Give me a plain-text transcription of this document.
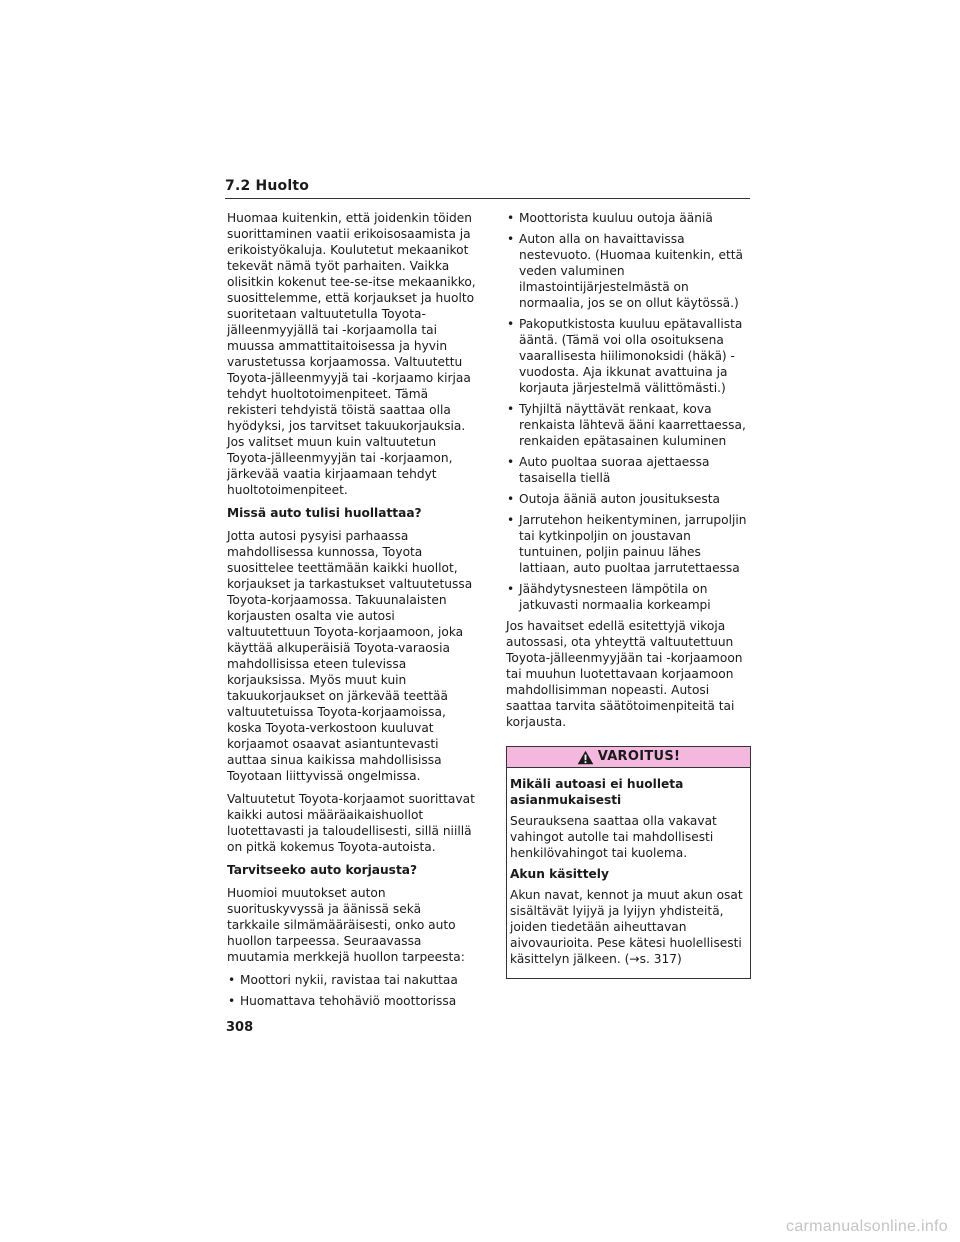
7.2 Huolto

Huomaa kuitenkin, että joidenkin töiden suorittaminen vaatii erikoisosaamista ja erikoistyökaluja. Koulutetut mekaanikot tekevät nämä työt parhaiten. Vaikka olisitkin kokenut tee-se-itse mekaanikko, suosittelemme, että korjaukset ja huolto suoritetaan valtuutetulla Toyota-jälleenmyyjällä tai -korjaamolla tai muussa ammattitaitoisessa ja hyvin varustetussa korjaamossa. Valtuutettu Toyota-jälleenmyyjä tai -korjaamo kirjaa tehdyt huoltotoimenpiteet. Tämä rekisteri tehdyistä töistä saattaa olla hyödyksi, jos tarvitset takuukorjauksia. Jos valitset muun kuin valtuutetun Toyota-jälleenmyyjän tai -korjaamon, järkevää vaatia kirjaamaan tehdyt huoltotoimenpiteet.

Missä auto tulisi huollattaa?

Jotta autosi pysyisi parhaassa mahdollisessa kunnossa, Toyota suosittelee teettämään kaikki huollot, korjaukset ja tarkastukset valtuutetussa Toyota-korjaamossa. Takuunalaisten korjausten osalta vie autosi valtuutettuun Toyota-korjaamoon, joka käyttää alkuperäisiä Toyota-varaosia mahdollisissa eteen tulevissa korjauksissa. Myös muut kuin takuukorjaukset on järkevää teettää valtuutetuissa Toyota-korjaamoissa, koska Toyota-verkostoon kuuluvat korjaamot osaavat asiantuntevasti auttaa sinua kaikissa mahdollisissa Toyotaan liittyvissä ongelmissa.

Valtuutetut Toyota-korjaamot suorittavat kaikki autosi määräaikaishuollot luotettavasti ja taloudellisesti, sillä niillä on pitkä kokemus Toyota-autoista.

Tarvitseeko auto korjausta?

Huomioi muutokset auton suorituskyvyssä ja äänissä sekä tarkkaile silmämääräisesti, onko auto huollon tarpeessa. Seuraavassa muutamia merkkejä huollon tarpeesta:

• Moottori nykii, ravistaa tai nakuttaa
• Huomattava tehohäviö moottorissa
• Moottorista kuuluu outoja ääniä
• Auton alla on havaittavissa nestevuoto. (Huomaa kuitenkin, että veden valuminen ilmastointijärjestelmästä on normaalia, jos se on ollut käytössä.)
• Pakoputkistosta kuuluu epätavallista ääntä. (Tämä voi olla osoituksena vaarallisesta hiilimonoksidi (häkä) -vuodosta. Aja ikkunat avattuina ja korjauta järjestelmä välittömästi.)
• Tyhjiltä näyttävät renkaat, kova renkaista lähtevä ääni kaarrettaessa, renkaiden epätasainen kuluminen
• Auto puoltaa suoraa ajettaessa tasaisella tiellä
• Outoja ääniä auton jousituksesta
• Jarrutehon heikentyminen, jarrupoljin tai kytkinpoljin on joustavan tuntuinen, poljin painuu lähes lattiaan, auto puoltaa jarrutettaessa
• Jäähdytysnesteen lämpötila on jatkuvasti normaalia korkeampi

Jos havaitset edellä esitettyjä vikoja autossasi, ota yhteyttä valtuutettuun Toyota-jälleenmyyjään tai -korjaamoon tai muuhun luotettavaan korjaamoon mahdollisimman nopeasti. Autosi saattaa tarvita säätötoimenpiteitä tai korjausta.

VAROITUS!

Mikäli autoasi ei huolleta asianmukaisesti

Seurauksena saattaa olla vakavat vahingot autolle tai mahdollisesti henkilövahingot tai kuolema.

Akun käsittely

Akun navat, kennot ja muut akun osat sisältävät lyijyä ja lyijyn yhdisteitä, joiden tiedetään aiheuttavan aivovaurioita. Pese kätesi huolellisesti käsittelyn jälkeen. (→s. 317)

308
carmanualsonline.info
